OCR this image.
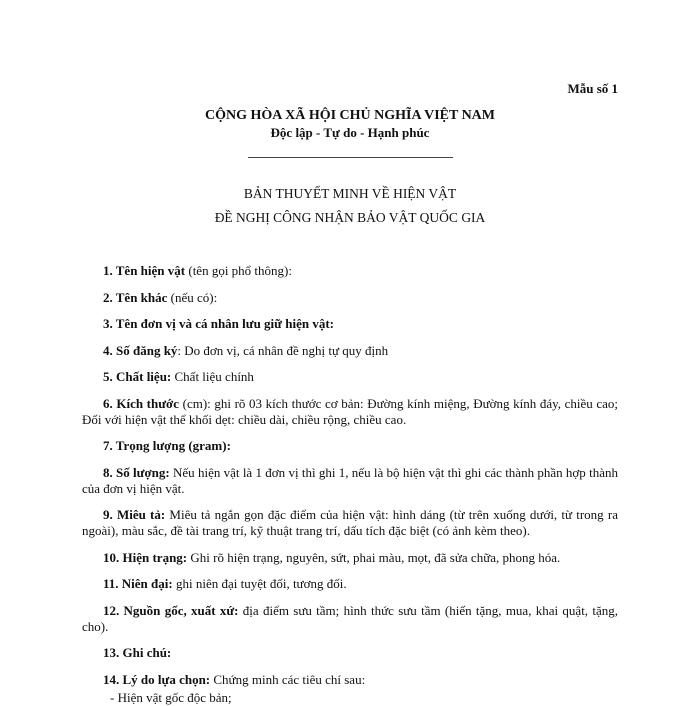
Mẫu số 1
CỘNG HÒA XÃ HỘI CHỦ NGHĨA VIỆT NAM
Độc lập - Tự do - Hạnh phúc
BẢN THUYẾT MINH VỀ HIỆN VẬT
ĐỀ NGHỊ CÔNG NHẬN BẢO VẬT QUỐC GIA

1. Tên hiện vật (tên gọi phổ thông):

2. Tên khác (nếu có):

3. Tên đơn vị và cá nhân lưu giữ hiện vật:

4. Số đăng ký: Do đơn vị, cá nhân đề nghị tự quy định

5. Chất liệu: Chất liệu chính

6. Kích thước (cm): ghi rõ 03 kích thước cơ bản: Đường kính miệng, Đường kính đáy, chiều cao; Đối với hiện vật thể khối dẹt: chiều dài, chiều rộng, chiều cao.

7. Trọng lượng (gram):

8. Số lượng: Nếu hiện vật là 1 đơn vị thì ghi 1, nếu là bộ hiện vật thì ghi các thành phần hợp thành của đơn vị hiện vật.

9. Miêu tả: Miêu tả ngắn gọn đặc điểm của hiện vật: hình dáng (từ trên xuống dưới, từ trong ra ngoài), màu sắc, đề tài trang trí, kỹ thuật trang trí, dấu tích đặc biệt (có ảnh kèm theo).

10. Hiện trạng: Ghi rõ hiện trạng, nguyên, sứt, phai màu, mọt, đã sửa chữa, phong hóa.

11. Niên đại: ghi niên đại tuyệt đối, tương đối.

12. Nguồn gốc, xuất xứ: địa điểm sưu tầm; hình thức sưu tầm (hiến tặng, mua, khai quật, tặng, cho).

13. Ghi chú:

14. Lý do lựa chọn: Chứng minh các tiêu chí sau:

- Hiện vật gốc độc bản;
